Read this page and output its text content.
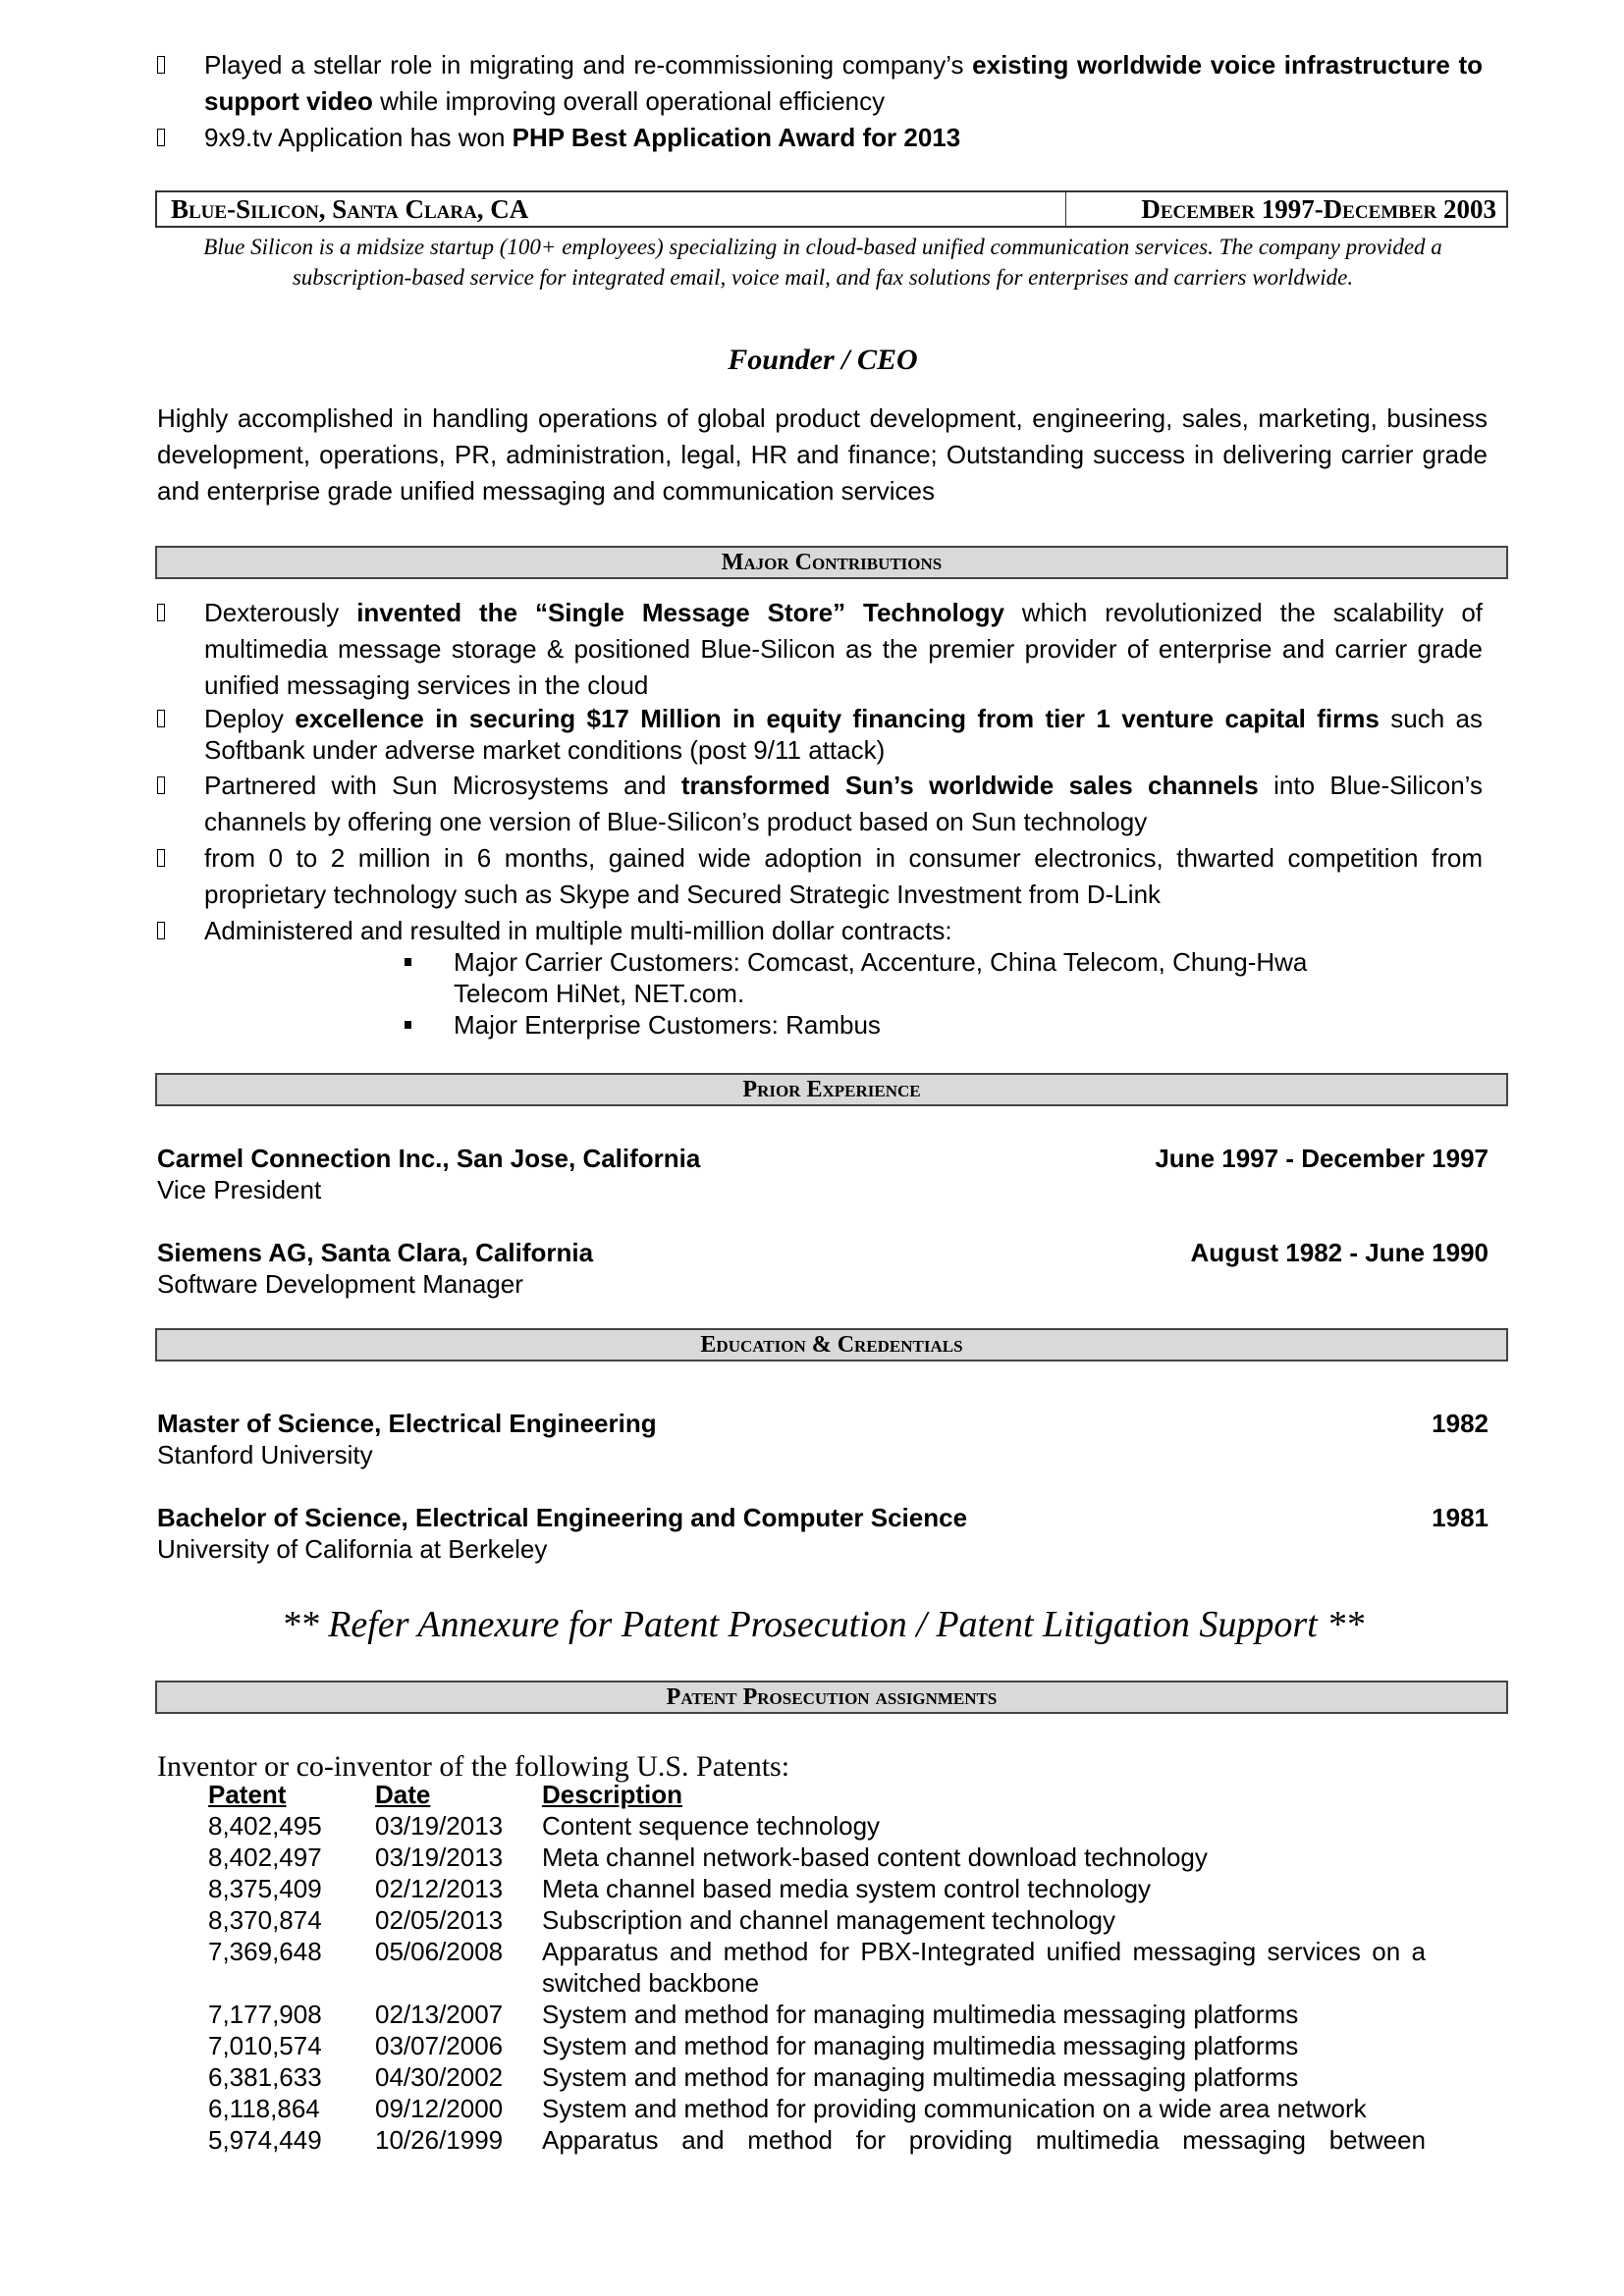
Played a stellar role in migrating and re-commissioning company’s existing worldwide voice infrastructure to support video while improving overall operational efficiency
9x9.tv Application has won PHP Best Application Award for 2013
Blue-Silicon, Santa Clara, CA	December 1997-December 2003
Blue Silicon is a midsize startup (100+ employees) specializing in cloud-based unified communication services. The company provided a subscription-based service for integrated email, voice mail, and fax solutions for enterprises and carriers worldwide.
Founder / CEO
Highly accomplished in handling operations of global product development, engineering, sales, marketing, business development, operations, PR, administration, legal, HR and finance; Outstanding success in delivering carrier grade and enterprise grade unified messaging and communication services
Major Contributions
Dexterously invented the “Single Message Store” Technology which revolutionized the scalability of multimedia message storage & positioned Blue-Silicon as the premier provider of enterprise and carrier grade unified messaging services in the cloud
Deploy excellence in securing $17 Million in equity financing from tier 1 venture capital firms such as Softbank under adverse market conditions (post 9/11 attack)
Partnered with Sun Microsystems and transformed Sun’s worldwide sales channels into Blue-Silicon’s channels by offering one version of Blue-Silicon’s product based on Sun technology
from 0 to 2 million in 6 months, gained wide adoption in consumer electronics, thwarted competition from proprietary technology such as Skype and Secured Strategic Investment from D-Link
Administered and resulted in multiple multi-million dollar contracts:
Major Carrier Customers: Comcast, Accenture, China Telecom, Chung-Hwa Telecom HiNet, NET.com.
Major Enterprise Customers: Rambus
Prior Experience
Carmel Connection Inc., San Jose, California	June 1997 - December 1997
Vice President
Siemens AG, Santa Clara, California	August 1982 - June 1990
Software Development Manager
Education & Credentials
Master of Science, Electrical Engineering	1982
Stanford University
Bachelor of Science, Electrical Engineering and Computer Science	1981
University of California at Berkeley
** Refer Annexure for Patent Prosecution / Patent Litigation Support **
Patent Prosecution assignments
Inventor or co-inventor of the following U.S. Patents:
Patent	Date	Description
8,402,495	03/19/2013	Content sequence technology
8,402,497	03/19/2013	Meta channel network-based content download technology
8,375,409	02/12/2013	Meta channel based media system control technology
8,370,874	02/05/2013	Subscription and channel management technology
7,369,648	05/06/2008	Apparatus and method for PBX-Integrated unified messaging services on a switched backbone
7,177,908	02/13/2007	System and method for managing multimedia messaging platforms
7,010,574	03/07/2006	System and method for managing multimedia messaging platforms
6,381,633	04/30/2002	System and method for managing multimedia messaging platforms
6,118,864	09/12/2000	System and method for providing communication on a wide area network
5,974,449	10/26/1999	Apparatus and method for providing multimedia messaging between
